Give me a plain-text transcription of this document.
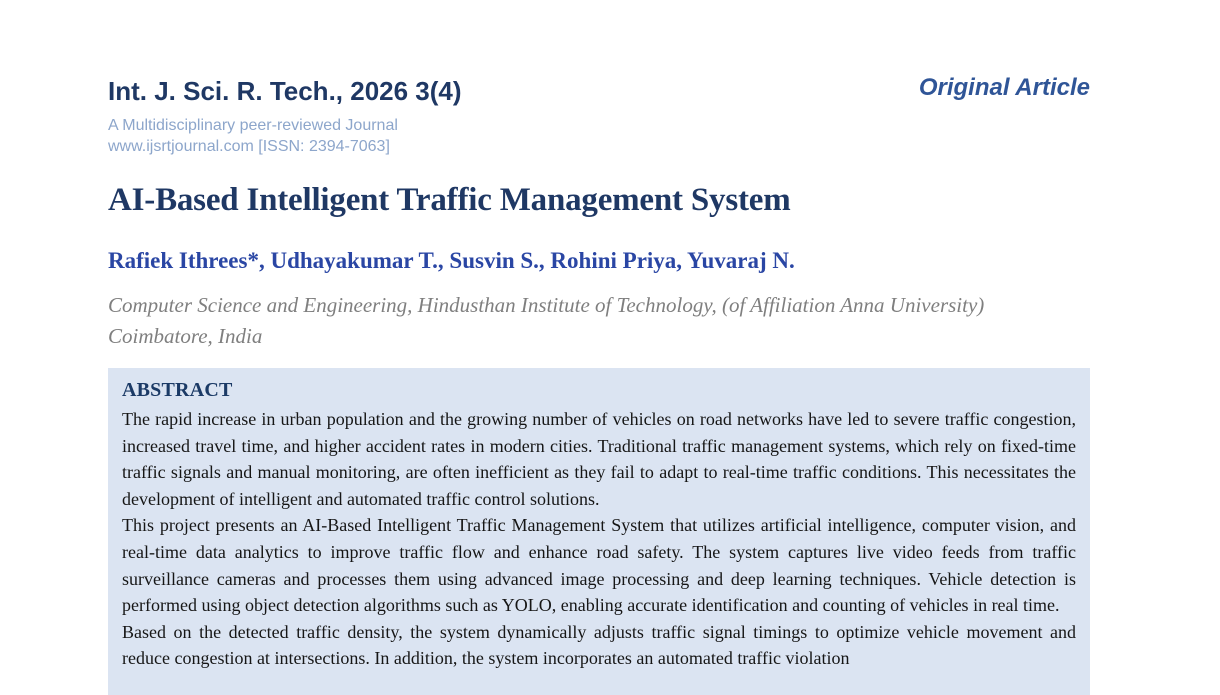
Int. J. Sci. R. Tech., 2026 3(4)
A Multidisciplinary peer-reviewed Journal
www.ijsrtjournal.com [ISSN: 2394-7063]
Original Article
AI-Based Intelligent Traffic Management System
Rafiek Ithrees*, Udhayakumar T., Susvin S., Rohini Priya, Yuvaraj N.

Computer Science and Engineering, Hindusthan Institute of Technology, (of Affiliation Anna University)
Coimbatore, India

ABSTRACT

The rapid increase in urban population and the growing number of vehicles on road networks have led to severe traffic congestion, increased travel time, and higher accident rates in modern cities. Traditional traffic management systems, which rely on fixed-time traffic signals and manual monitoring, are often inefficient as they fail to adapt to real-time traffic conditions. This necessitates the development of intelligent and automated traffic control solutions.

This project presents an AI-Based Intelligent Traffic Management System that utilizes artificial intelligence, computer vision, and real-time data analytics to improve traffic flow and enhance road safety. The system captures live video feeds from traffic surveillance cameras and processes them using advanced image processing and deep learning techniques. Vehicle detection is performed using object detection algorithms such as YOLO, enabling accurate identification and counting of vehicles in real time.

Based on the detected traffic density, the system dynamically adjusts traffic signal timings to optimize vehicle movement and reduce congestion at intersections. In addition, the system incorporates an automated traffic violation
